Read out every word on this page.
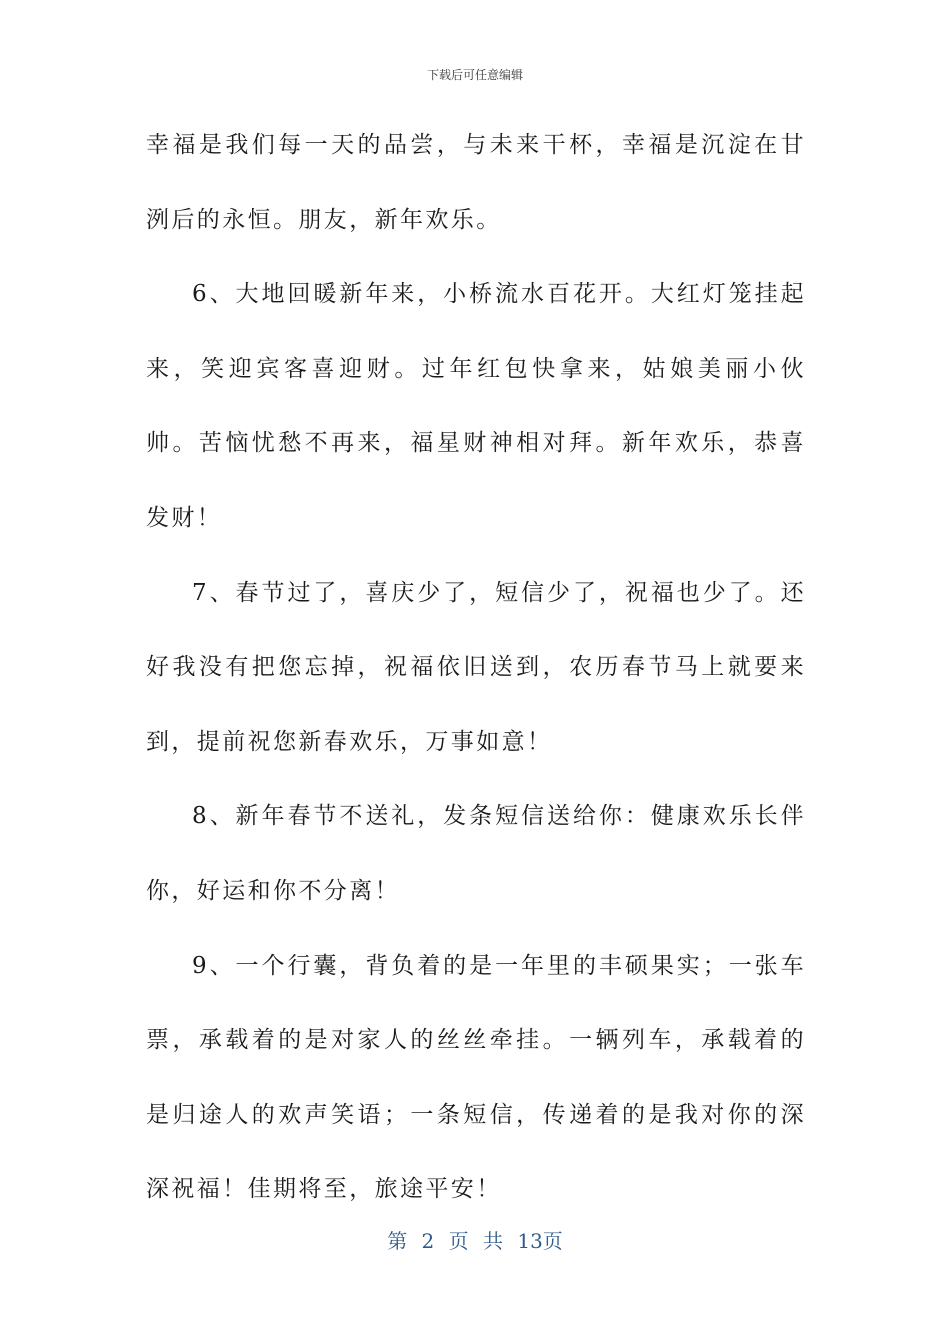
下载后可任意编辑

幸福是我们每一天的品尝，与未来干杯，幸福是沉淀在甘洌后的永恒。朋友，新年欢乐。

6、大地回暖新年来，小桥流水百花开。大红灯笼挂起来，笑迎宾客喜迎财。过年红包快拿来，姑娘美丽小伙帅。苦恼忧愁不再来，福星财神相对拜。新年欢乐，恭喜发财！

7、春节过了，喜庆少了，短信少了，祝福也少了。还好我没有把您忘掉，祝福依旧送到，农历春节马上就要来到，提前祝您新春欢乐，万事如意！

8、新年春节不送礼，发条短信送给你：健康欢乐长伴你，好运和你不分离！

9、一个行囊，背负着的是一年里的丰硕果实；一张车票，承载着的是对家人的丝丝牵挂。一辆列车，承载着的是归途人的欢声笑语；一条短信，传递着的是我对你的深深祝福！佳期将至，旅途平安！

第 2 页 共 13页
